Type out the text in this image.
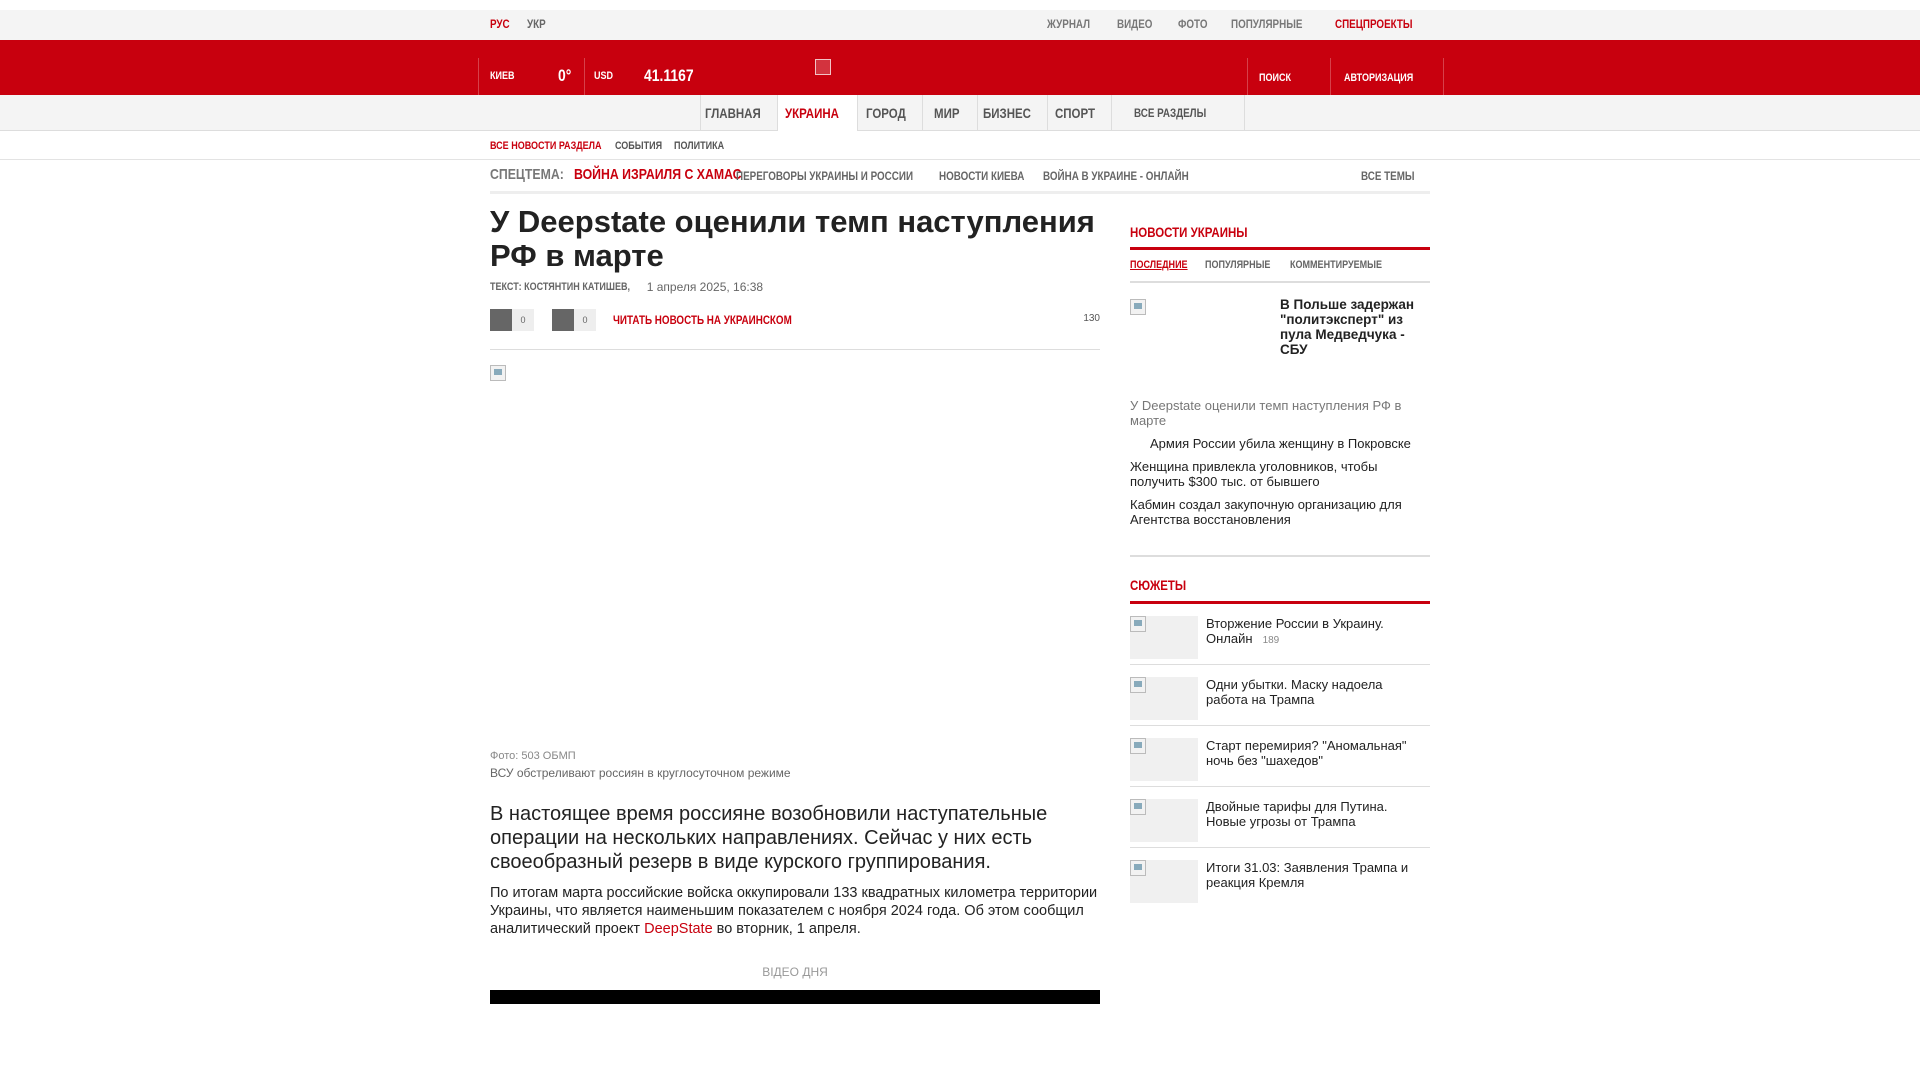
РУС УКР	ЖУРНАЛ ВИДЕО ФОТО ПОПУЛЯРНЫЕ	СПЕЦПРОЕКТЫ
КИЕВ	0° USD 41.1167	ПОИСК	АВТОРИЗАЦИЯ
ГЛАВНАЯ УКРАИНА ГОРОД МИР БИЗНЕС СПОРТ	ВСЕ РАЗДЕЛЫ
ВСЕ НОВОСТИ РАЗДЕЛА СОБЫТИЯ ПОЛИТИКА
СПЕЦТЕМА: ВОЙНА ИЗРАИЛЯ С ХАМАС
ПЕРЕГОВОРЫ УКРАИНЫ И РОССИИ НОВОСТИ КИЕВА ВОЙНА В УКРАИНЕ - ОНЛАЙН	ВСЕ ТЕМЫ
У Deepstate оценили темп наступления РФ в марте
ТЕКСТ: КОСТЯНТИН КАТИШЕВ, 1 апреля 2025, 16:38
0	0	ЧИТАТЬ НОВОСТЬ НА УКРАИНСКОМ	130
Фото: 503 ОБМП
ВСУ обстреливают россиян в круглосуточном режиме

В настоящее время россияне возобновили наступательные операции на нескольких направлениях. Сейчас у них есть своеобразный резерв в виде курского группирования.

По итогам марта российские войска оккупировали 133 квадратных километра территории Украины, что является наименьшим показателем с ноября 2024 года. Об этом сообщил аналитический проект DeepState во вторник, 1 апреля.

ВІДЕО ДНЯ
НОВОСТИ УКРАИНЫ
ПОСЛЕДНИЕ ПОПУЛЯРНЫЕ КОММЕНТИРУЕМЫЕ
В Польше задержан "политэксперт" из пула Медведчука - СБУ
У Deepstate оценили темп наступления РФ в марте
Армия России убила женщину в Покровске
Женщина привлекла уголовников, чтобы получить $300 тыс. от бывшего
Кабмин создал закупочную организацию для Агентства восстановления
СЮЖЕТЫ
Вторжение России в Украину. Онлайн 189
Одни убытки. Маску надоела работа на Трампа
Старт перемирия? "Аномальная" ночь без "шахедов"
Двойные тарифы для Путина. Новые угрозы от Трампа
Итоги 31.03: Заявления Трампа и реакция Кремля
